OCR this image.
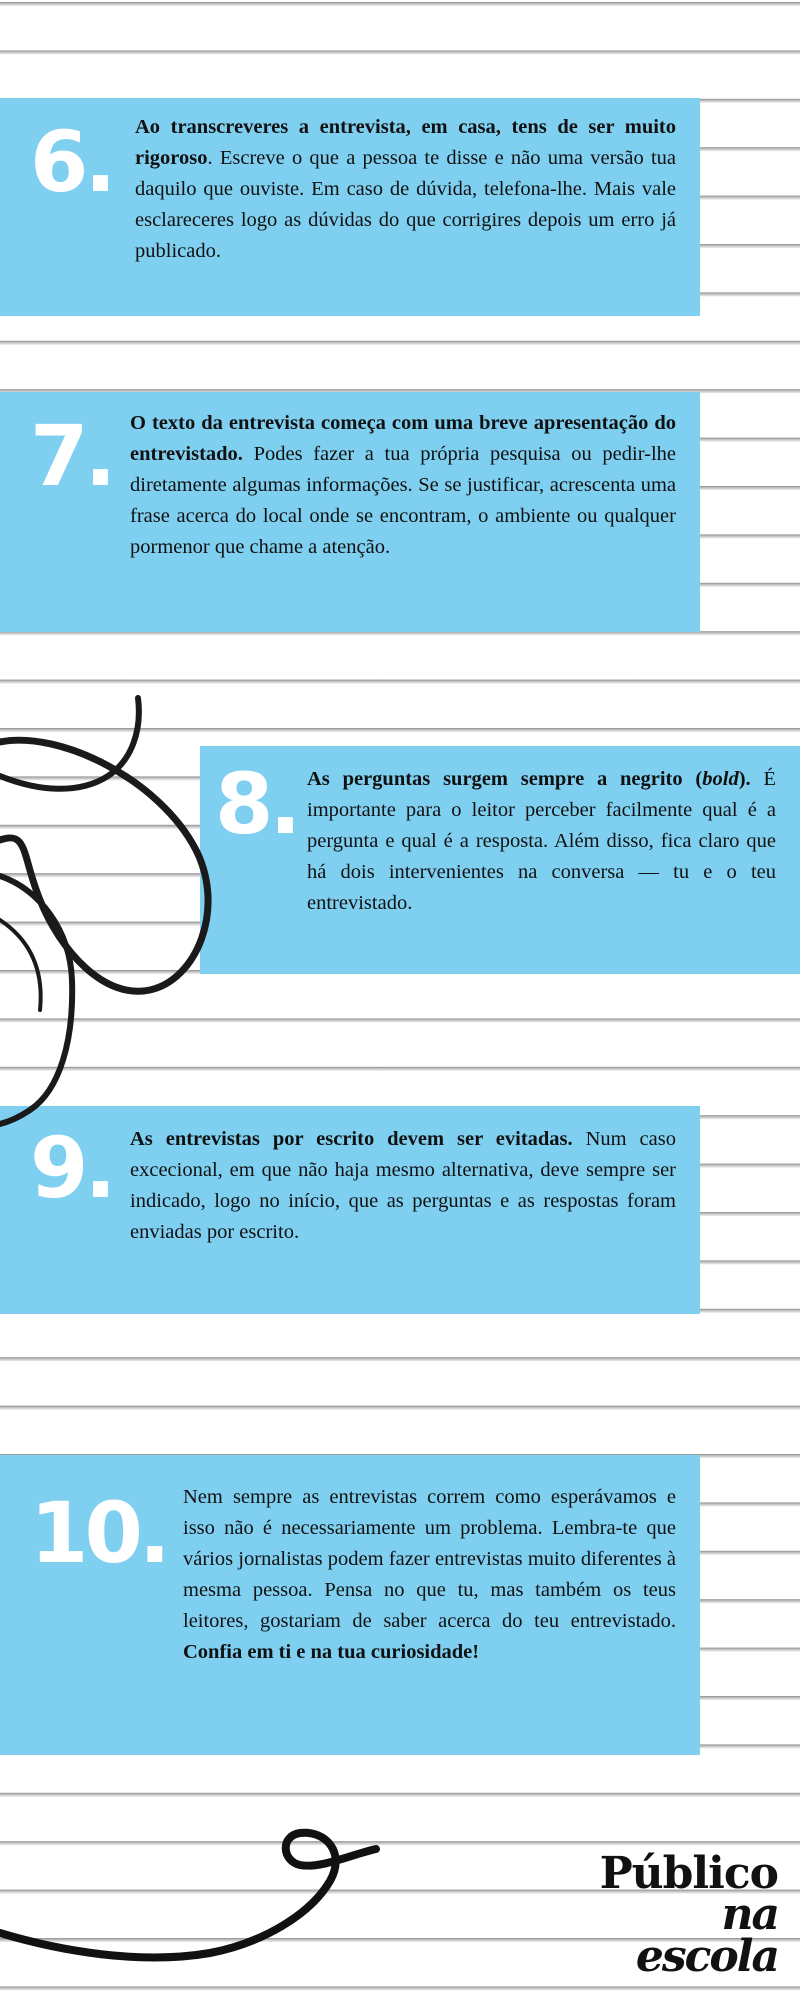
6. Ao transcreveres a entrevista, em casa, tens de ser muito rigoroso. Escreve o que a pessoa te disse e não uma versão tua daquilo que ouviste. Em caso de dúvida, telefona-lhe. Mais vale esclareceres logo as dúvidas do que corrigires depois um erro já publicado.

7. O texto da entrevista começa com uma breve apresentação do entrevistado. Podes fazer a tua própria pesquisa ou pedir-lhe diretamente algumas informações. Se se justificar, acrescenta uma frase acerca do local onde se encontram, o ambiente ou qualquer pormenor que chame a atenção.

8. As perguntas surgem sempre a negrito (bold). É importante para o leitor perceber facilmente qual é a pergunta e qual é a resposta. Além disso, fica claro que há dois intervenientes na conversa — tu e o teu entrevistado.

9. As entrevistas por escrito devem ser evitadas. Num caso excecional, em que não haja mesmo alternativa, deve sempre ser indicado, logo no início, que as perguntas e as respostas foram enviadas por escrito.

10. Nem sempre as entrevistas correm como esperávamos e isso não é necessariamente um problema. Lembra-te que vários jornalistas podem fazer entrevistas muito diferentes à mesma pessoa. Pensa no que tu, mas também os teus leitores, gostariam de saber acerca do teu entrevistado. Confia em ti e na tua curiosidade!

Público
na escola
